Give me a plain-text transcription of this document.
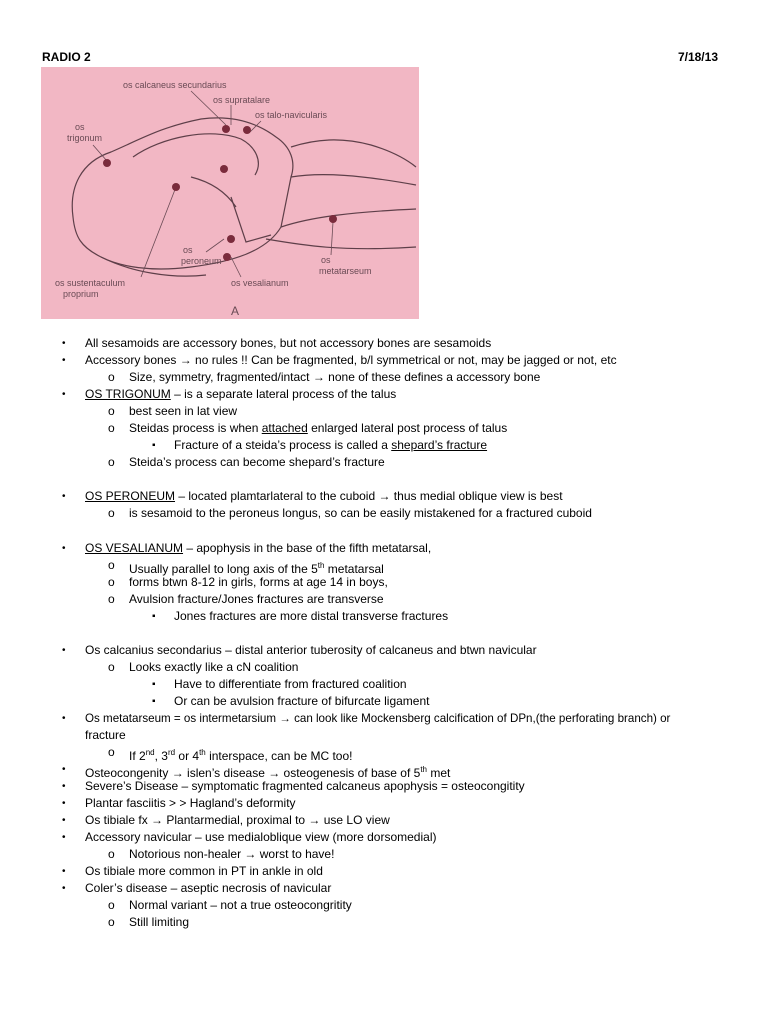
RADIO 2	7/18/13
os calcaneus secundarius
os supratalare
os talo-navicularis
os
trigonum
os
peroneum	os
metatarseum
os sustentaculum
proprium
os vesalianum
A
• All sesamoids are accessory bones, but not accessory bones are sesamoids
• Accessory bones → no rules !! Can be fragmented, b/l symmetrical or not, may be jagged or not, etc
o Size, symmetry, fragmented/intact → none of these defines a accessory bone
• OS TRIGONUM – is a separate lateral process of the talus
o best seen in lat view
o Steidas process is when attached enlarged lateral post process of talus
▪ Fracture of a steida’s process is called a shepard’s fracture
o Steida’s process can become shepard’s fracture
• OS PERONEUM – located plamtarlateral to the cuboid → thus medial oblique view is best
o is sesamoid to the peroneus longus, so can be easily mistakened for a fractured cuboid
• OS VESALIANUM – apophysis in the base of the fifth metatarsal,
o Usually parallel to long axis of the 5th metatarsal
o forms btwn 8-12 in girls, forms at age 14 in boys,
o Avulsion fracture/Jones fractures are transverse
▪ Jones fractures are more distal transverse fractures
• Os calcanius secondarius – distal anterior tuberosity of calcaneus and btwn navicular
o Looks exactly like a cN coalition
▪ Have to differentiate from fractured coalition
▪ Or can be avulsion fracture of bifurcate ligament
• Os metatarseum = os intermetarsium → can look like Mockensberg calcification of DPn,(the perforating branch) or
fracture
o If 2nd, 3rd or 4th interspace, can be MC too!
• Osteocongenity → islen’s disease → osteogenesis of base of 5th met
• Severe’s Disease – symptomatic fragmented calcaneus apophysis = osteocongitity
• Plantar fasciitis > > Hagland’s deformity
• Os tibiale fx → Plantarmedial, proximal to → use LO view
• Accessory navicular – use medialoblique view (more dorsomedial)
o Notorious non-healer → worst to have!
• Os tibiale more common in PT in ankle in old
• Coler’s disease – aseptic necrosis of navicular
o Normal variant – not a true osteocongritity
o Still limiting
